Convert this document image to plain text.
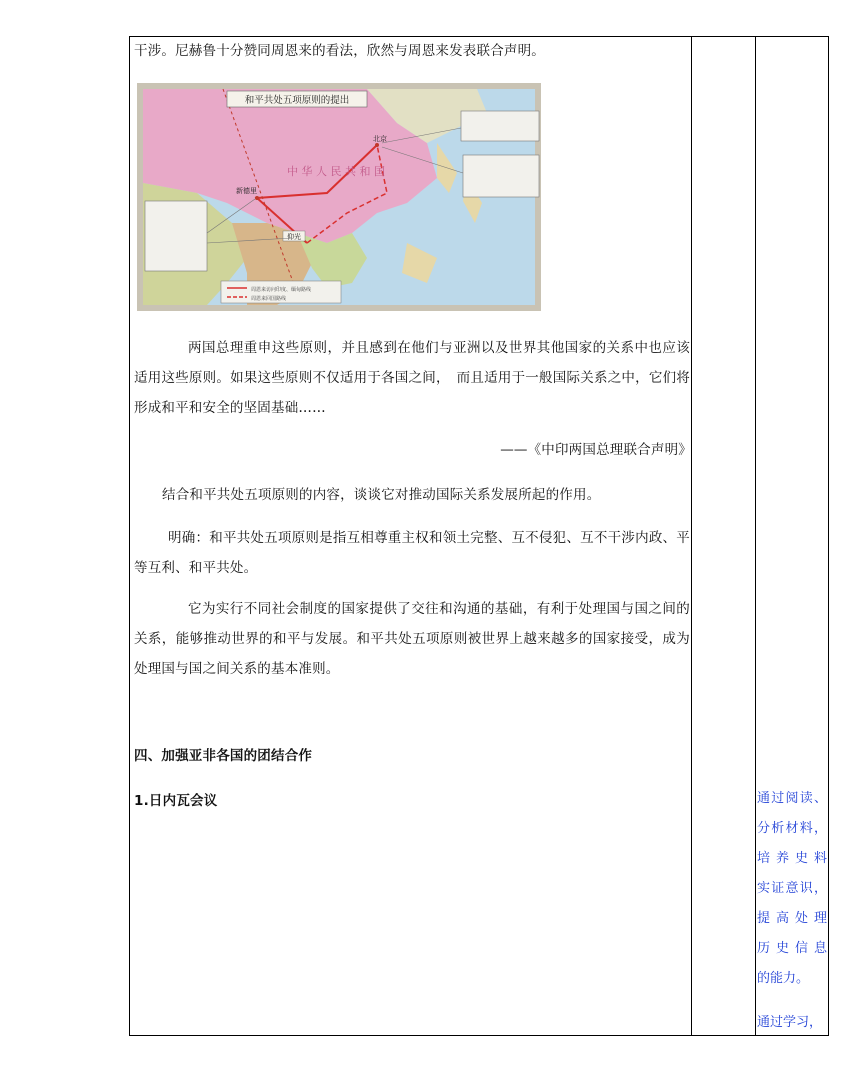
干涉。尼赫鲁十分赞同周恩来的看法，欣然与周恩来发表联合声明。

和平共处五项原则的提出
北京
新德里
仰光
中 华 人 民 共 和 国
周恩来访问印度、缅甸路线
周恩来回国路线

两国总理重申这些原则，并且感到在他们与亚洲以及世界其他国家的关系中也应该适用这些原则。如果这些原则不仅适用于各国之间，　而且适用于一般国际关系之中，它们将形成和平和安全的坚固基础……

——《中印两国总理联合声明》

结合和平共处五项原则的内容，谈谈它对推动国际关系发展所起的作用。

明确：和平共处五项原则是指互相尊重主权和领土完整、互不侵犯、互不干涉内政、平等互利、和平共处。

它为实行不同社会制度的国家提供了交往和沟通的基础，有利于处理国与国之间的关系，能够推动世界的和平与发展。和平共处五项原则被世界上越来越多的国家接受，成为处理国与国之间关系的基本准则。

四、加强亚非各国的团结合作

1.日内瓦会议	通过阅读、
分析材料，
培养史料
实证意识，
提高处理
历史信息
的能力。
通过学习，
